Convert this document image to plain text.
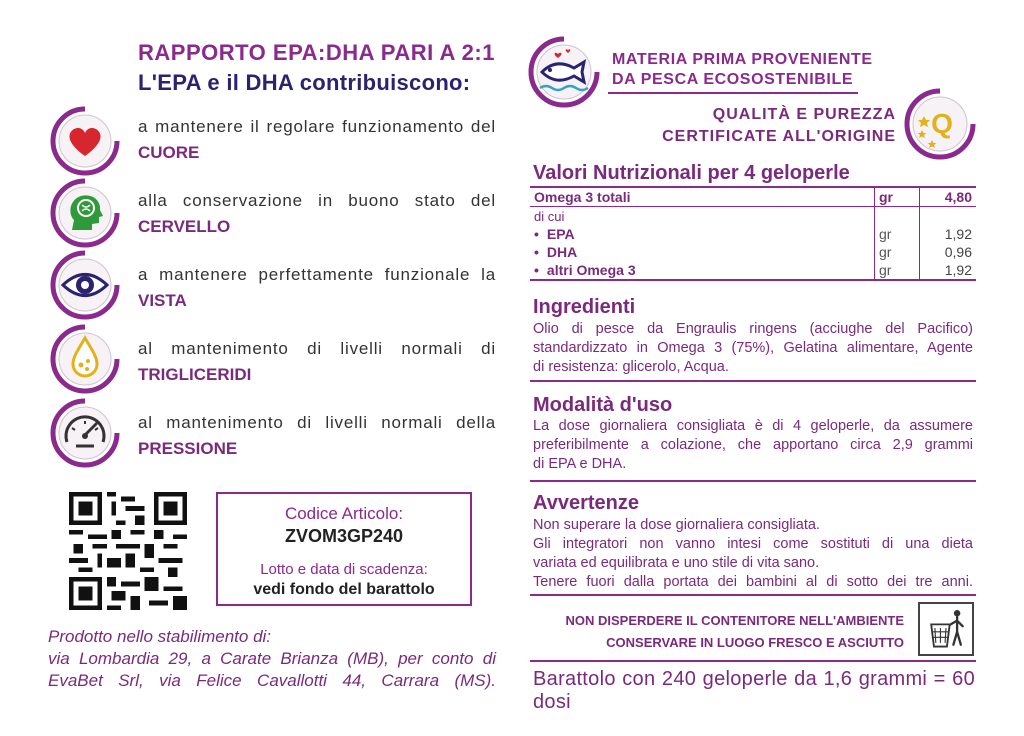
RAPPORTO EPA:DHA PARI A 2:1
L'EPA e il DHA contribuiscono:
a mantenere il regolare funzionamento del
CUORE
alla conservazione in buono stato del
CERVELLO
a mantenere perfettamente funzionale la
VISTA
al mantenimento di livelli normali di
TRIGLICERIDI
al mantenimento di livelli normali della
PRESSIONE
Codice Articolo:
ZVOM3GP240
Lotto e data di scadenza:
vedi fondo del barattolo
Prodotto nello stabilimento di:
via Lombardia 29, a Carate Brianza (MB), per conto di
EvaBet Srl, via Felice Cavallotti 44, Carrara (MS).
MATERIA PRIMA PROVENIENTE
DA PESCA ECOSOSTENIBILE
QUALITÀ E PUREZZA
CERTIFICATE ALL'ORIGINE Q
Valori Nutrizionali per 4 geloperle
Omega 3 totali	gr	4,80
di cui		
• EPA	gr	1,92
• DHA	gr	0,96
• altri Omega 3	gr	1,92
Ingredienti
Olio di pesce da Engraulis ringens (acciughe del Pacifico)
standardizzato in Omega 3 (75%), Gelatina alimentare, Agente
di resistenza: glicerolo, Acqua.
Modalità d'uso
La dose giornaliera consigliata è di 4 geloperle, da assumere
preferibilmente a colazione, che apportano circa 2,9 grammi
di EPA e DHA.
Avvertenze
Non superare la dose giornaliera consigliata.
Gli integratori non vanno intesi come sostituti di una dieta
variata ed equilibrata e uno stile di vita sano.
Tenere fuori dalla portata dei bambini al di sotto dei tre anni.
NON DISPERDERE IL CONTENITORE NELL'AMBIENTE
CONSERVARE IN LUOGO FRESCO E ASCIUTTO
Barattolo con 240 geloperle da 1,6 grammi = 60 dosi
